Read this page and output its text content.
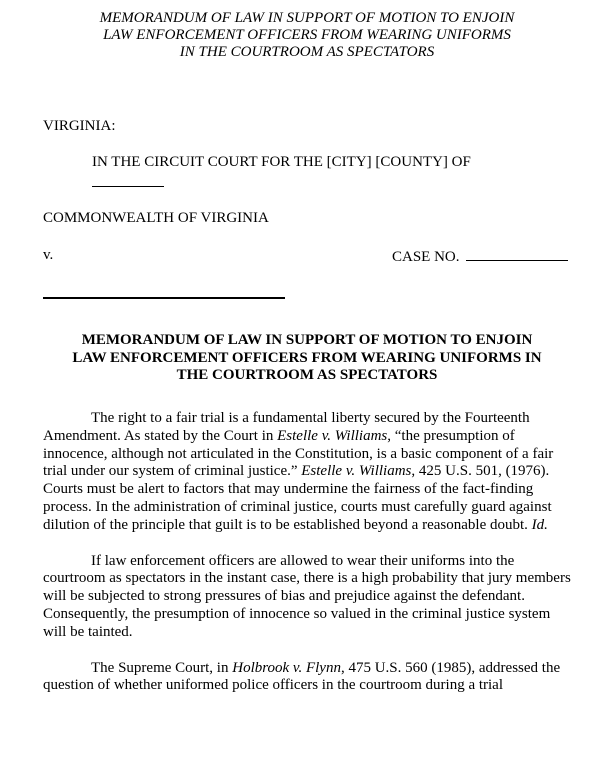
MEMORANDUM OF LAW IN SUPPORT OF MOTION TO ENJOIN
LAW ENFORCEMENT OFFICERS FROM WEARING UNIFORMS
IN THE COURTROOM AS SPECTATORS
VIRGINIA:
IN THE CIRCUIT COURT FOR THE [CITY] [COUNTY] OF
COMMONWEALTH OF VIRGINIA
v.	CASE NO.
MEMORANDUM OF LAW IN SUPPORT OF MOTION TO ENJOIN
LAW ENFORCEMENT OFFICERS FROM WEARING UNIFORMS IN
THE COURTROOM AS SPECTATORS

The right to a fair trial is a fundamental liberty secured by the Fourteenth Amendment. As stated by the Court in Estelle v. Williams, “the presumption of innocence, although not articulated in the Constitution, is a basic component of a fair trial under our system of criminal justice.” Estelle v. Williams, 425 U.S. 501, (1976). Courts must be alert to factors that may undermine the fairness of the fact-finding process. In the administration of criminal justice, courts must carefully guard against dilution of the principle that guilt is to be established beyond a reasonable doubt. Id.

If law enforcement officers are allowed to wear their uniforms into the courtroom as spectators in the instant case, there is a high probability that jury members will be subjected to strong pressures of bias and prejudice against the defendant. Consequently, the presumption of innocence so valued in the criminal justice system will be tainted.

The Supreme Court, in Holbrook v. Flynn, 475 U.S. 560 (1985), addressed the question of whether uniformed police officers in the courtroom during a trial
